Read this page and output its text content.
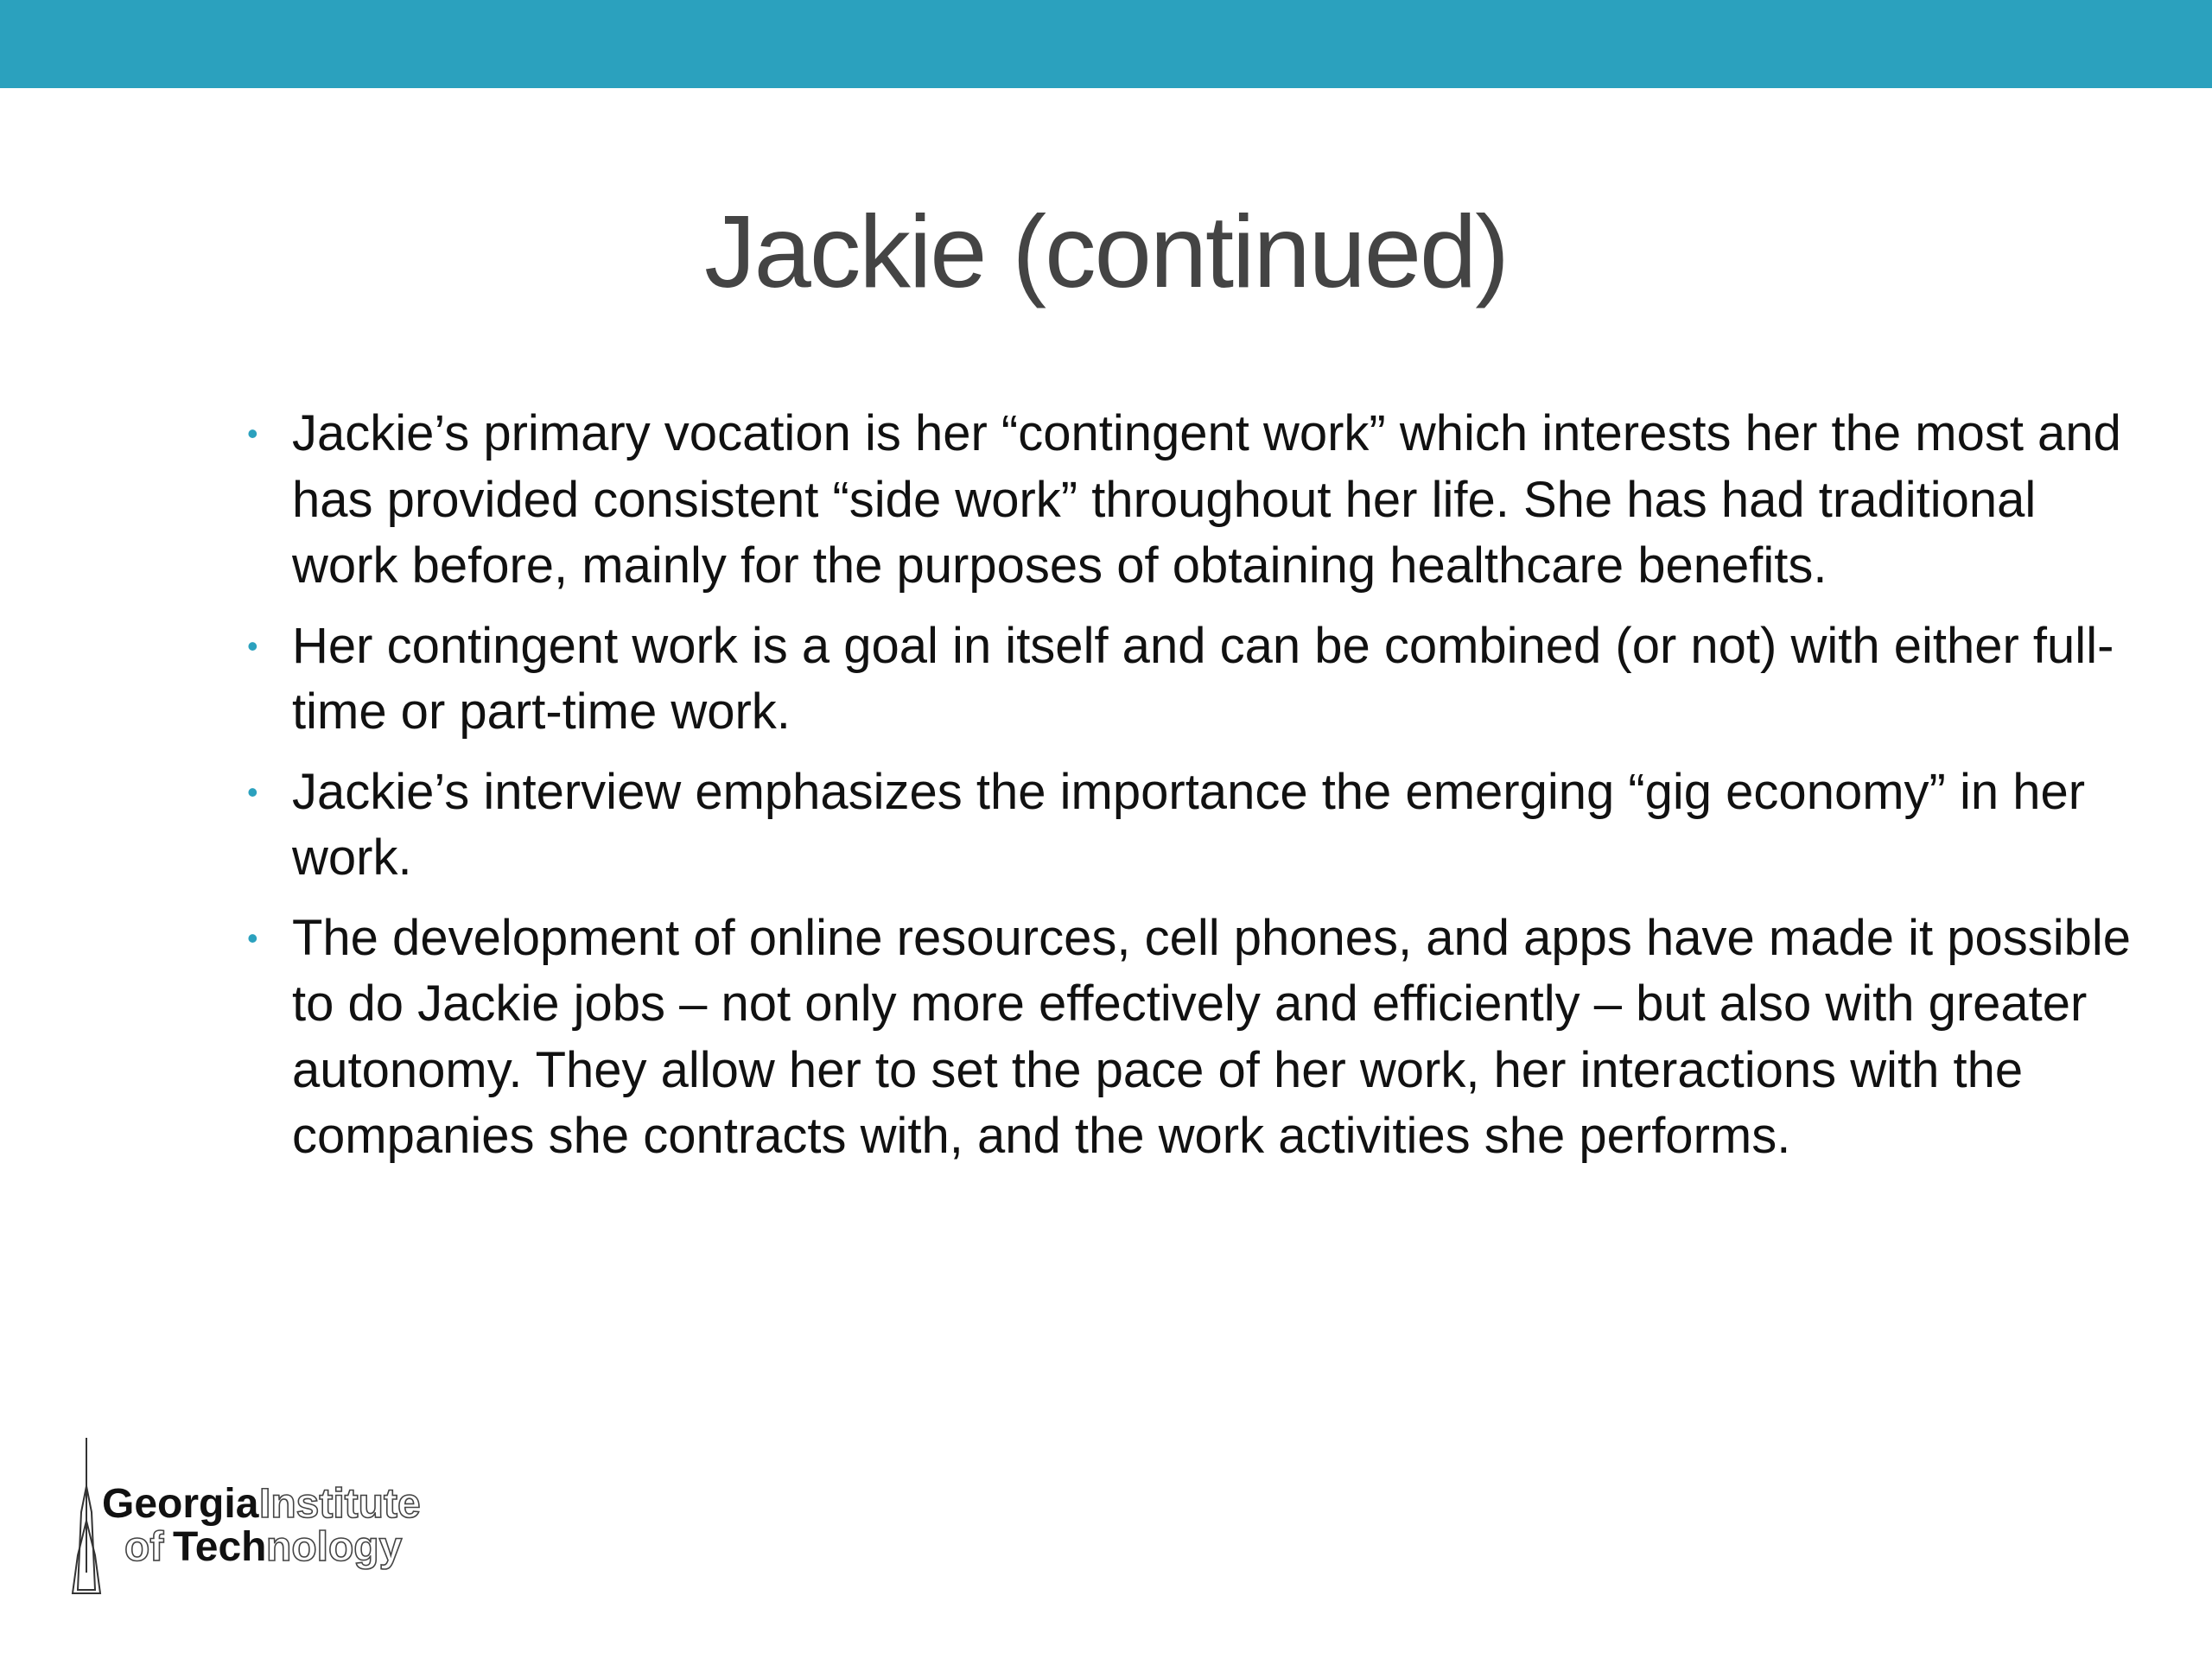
Jackie (continued)
• Jackie’s primary vocation is her “contingent work” which interests her the most and has provided consistent “side work” throughout her life. She has had traditional work before, mainly for the purposes of obtaining healthcare benefits.
• Her contingent work is a goal in itself and can be combined (or not) with either full-time or part-time work.
• Jackie’s interview emphasizes the importance the emerging “gig economy” in her work.
• The development of online resources, cell phones, and apps have made it possible to do Jackie jobs – not only more effectively and efficiently – but also with greater autonomy. They allow her to set the pace of her work, her interactions with the companies she contracts with, and the work activities she performs.
Georgia Institute
of Tech nology
